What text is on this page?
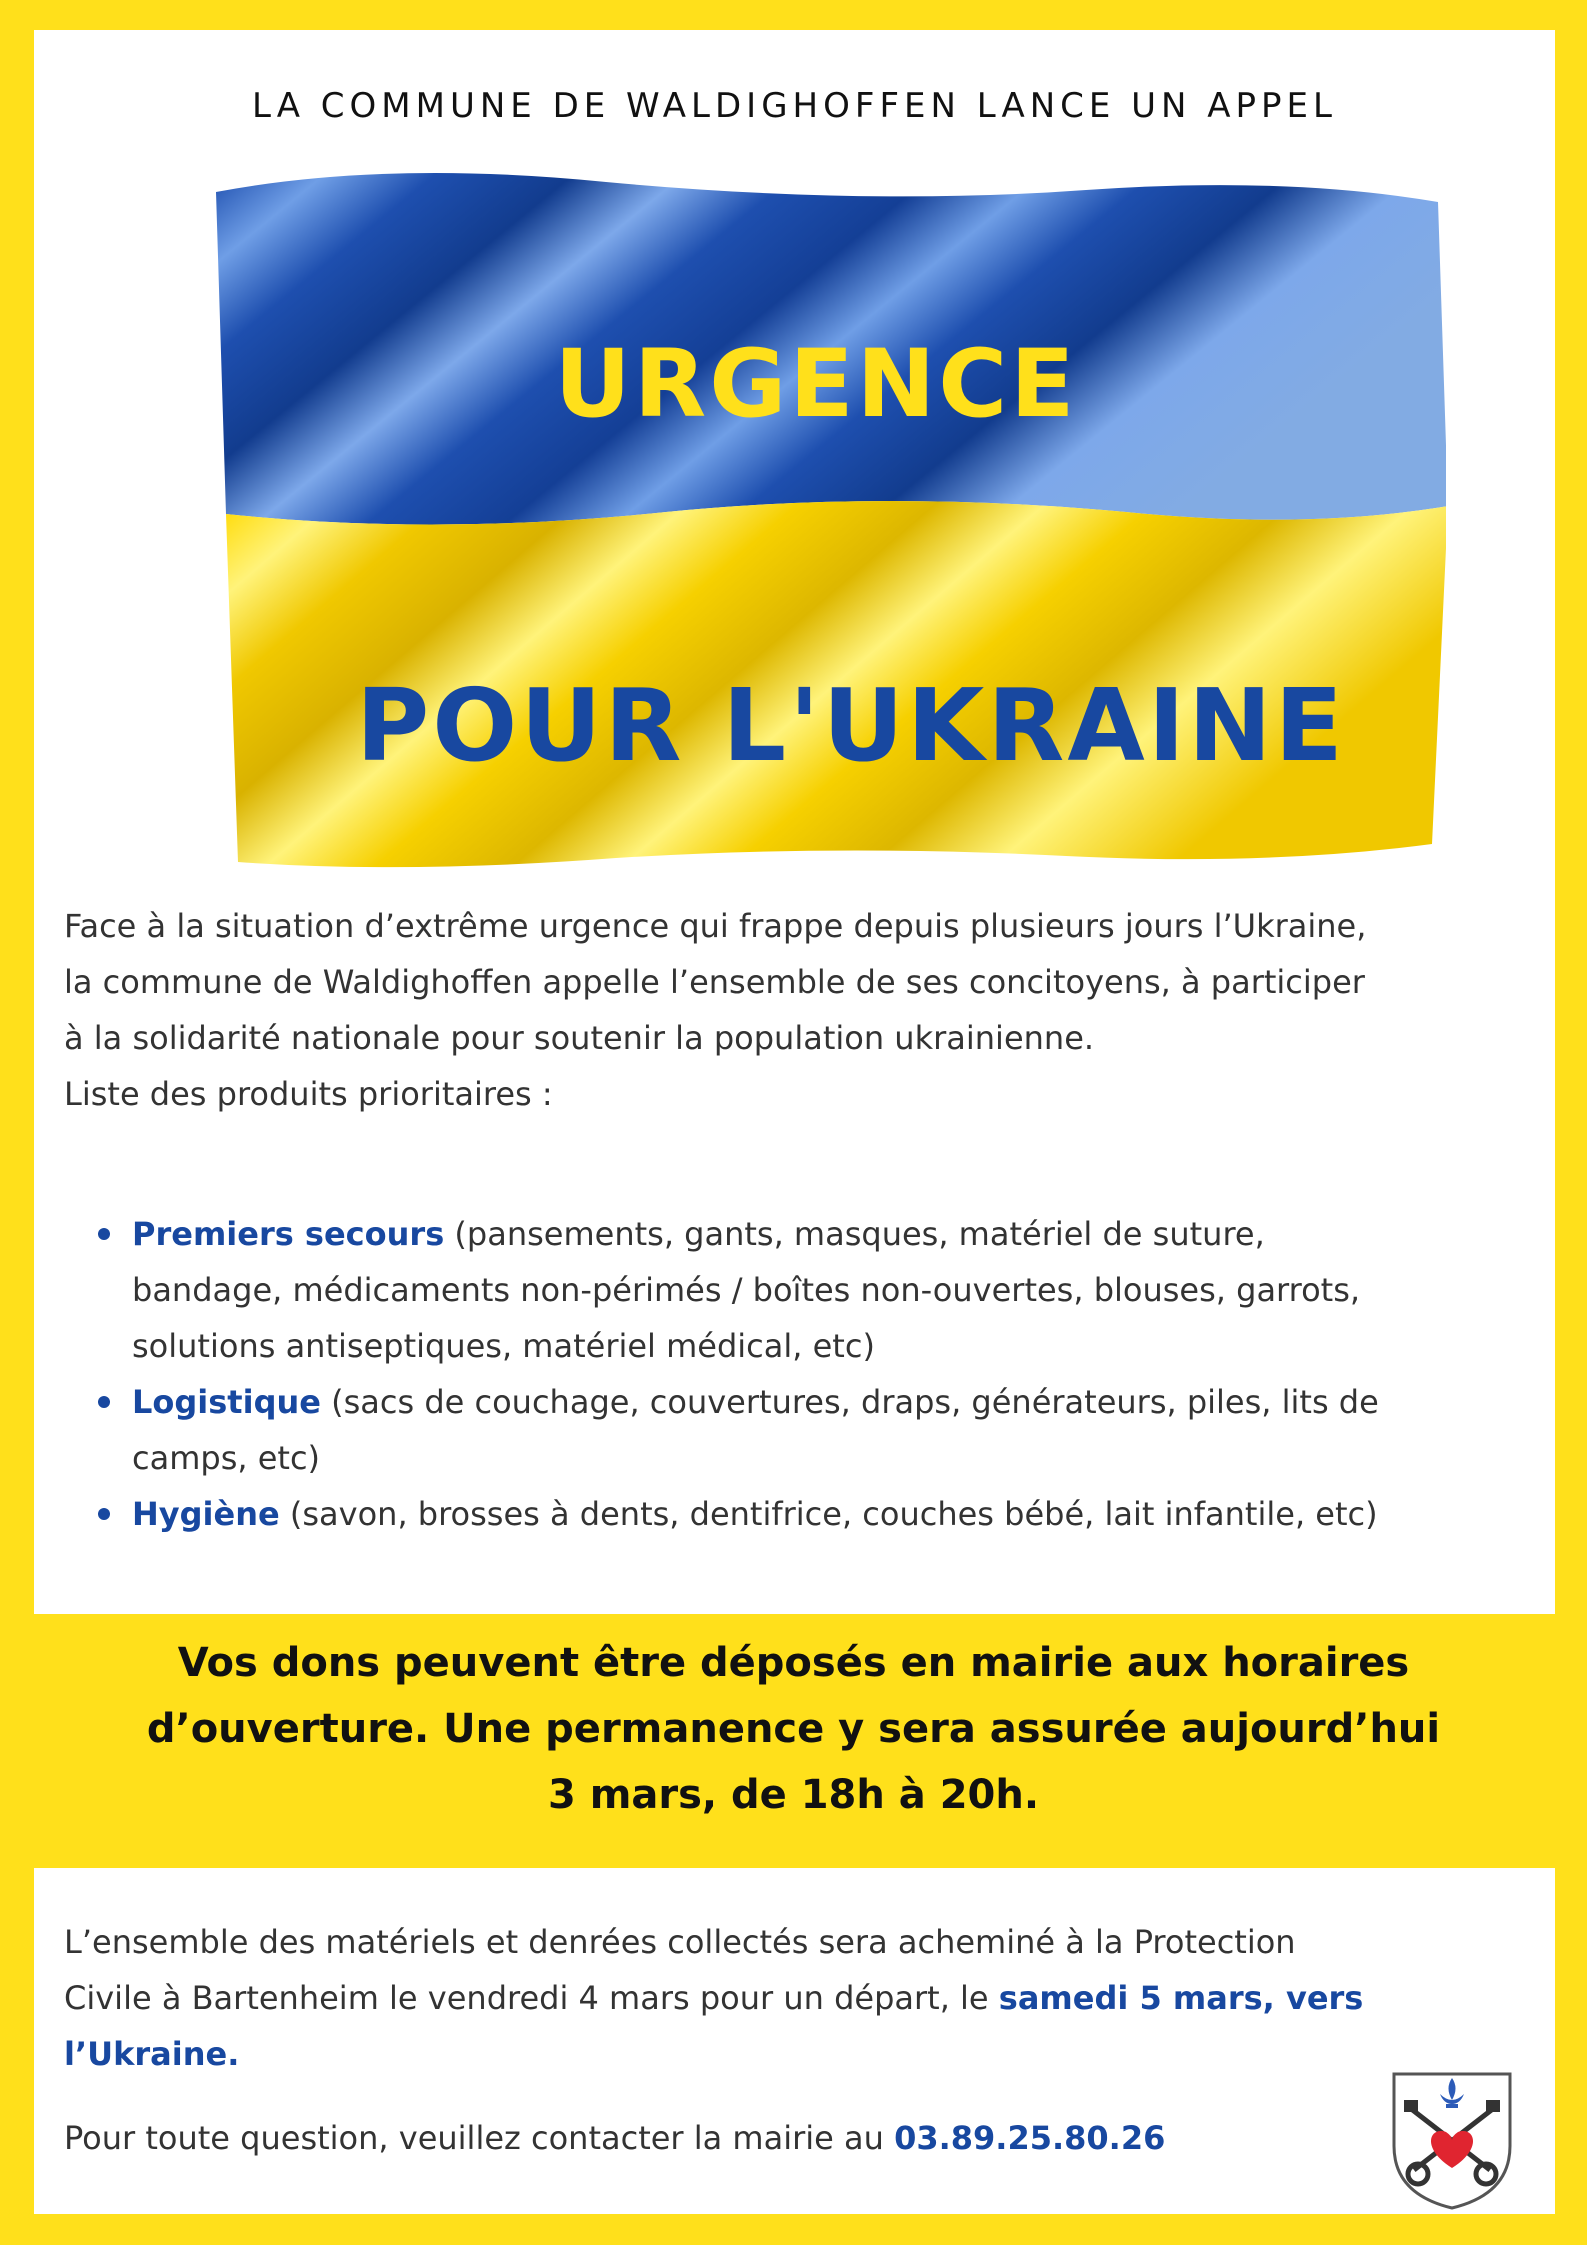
LA COMMUNE DE WALDIGHOFFEN LANCE UN APPEL
URGENCE
POUR L'UKRAINE
Face à la situation d’extrême urgence qui frappe depuis plusieurs jours l’Ukraine,
la commune de Waldighoffen appelle l’ensemble de ses concitoyens, à participer
à la solidarité nationale pour soutenir la population ukrainienne.
Liste des produits prioritaires :
Premiers secours (pansements, gants, masques, matériel de suture,
bandage, médicaments non-périmés / boîtes non-ouvertes, blouses, garrots,
solutions antiseptiques, matériel médical, etc)
Logistique (sacs de couchage, couvertures, draps, générateurs, piles, lits de
camps, etc)
Hygiène (savon, brosses à dents, dentifrice, couches bébé, lait infantile, etc)
Vos dons peuvent être déposés en mairie aux horaires
d’ouverture. Une permanence y sera assurée aujourd’hui
3 mars, de 18h à 20h.
L’ensemble des matériels et denrées collectés sera acheminé à la Protection
Civile à Bartenheim le vendredi 4 mars pour un départ, le samedi 5 mars, vers
l’Ukraine.
Pour toute question, veuillez contacter la mairie au 03.89.25.80.26
